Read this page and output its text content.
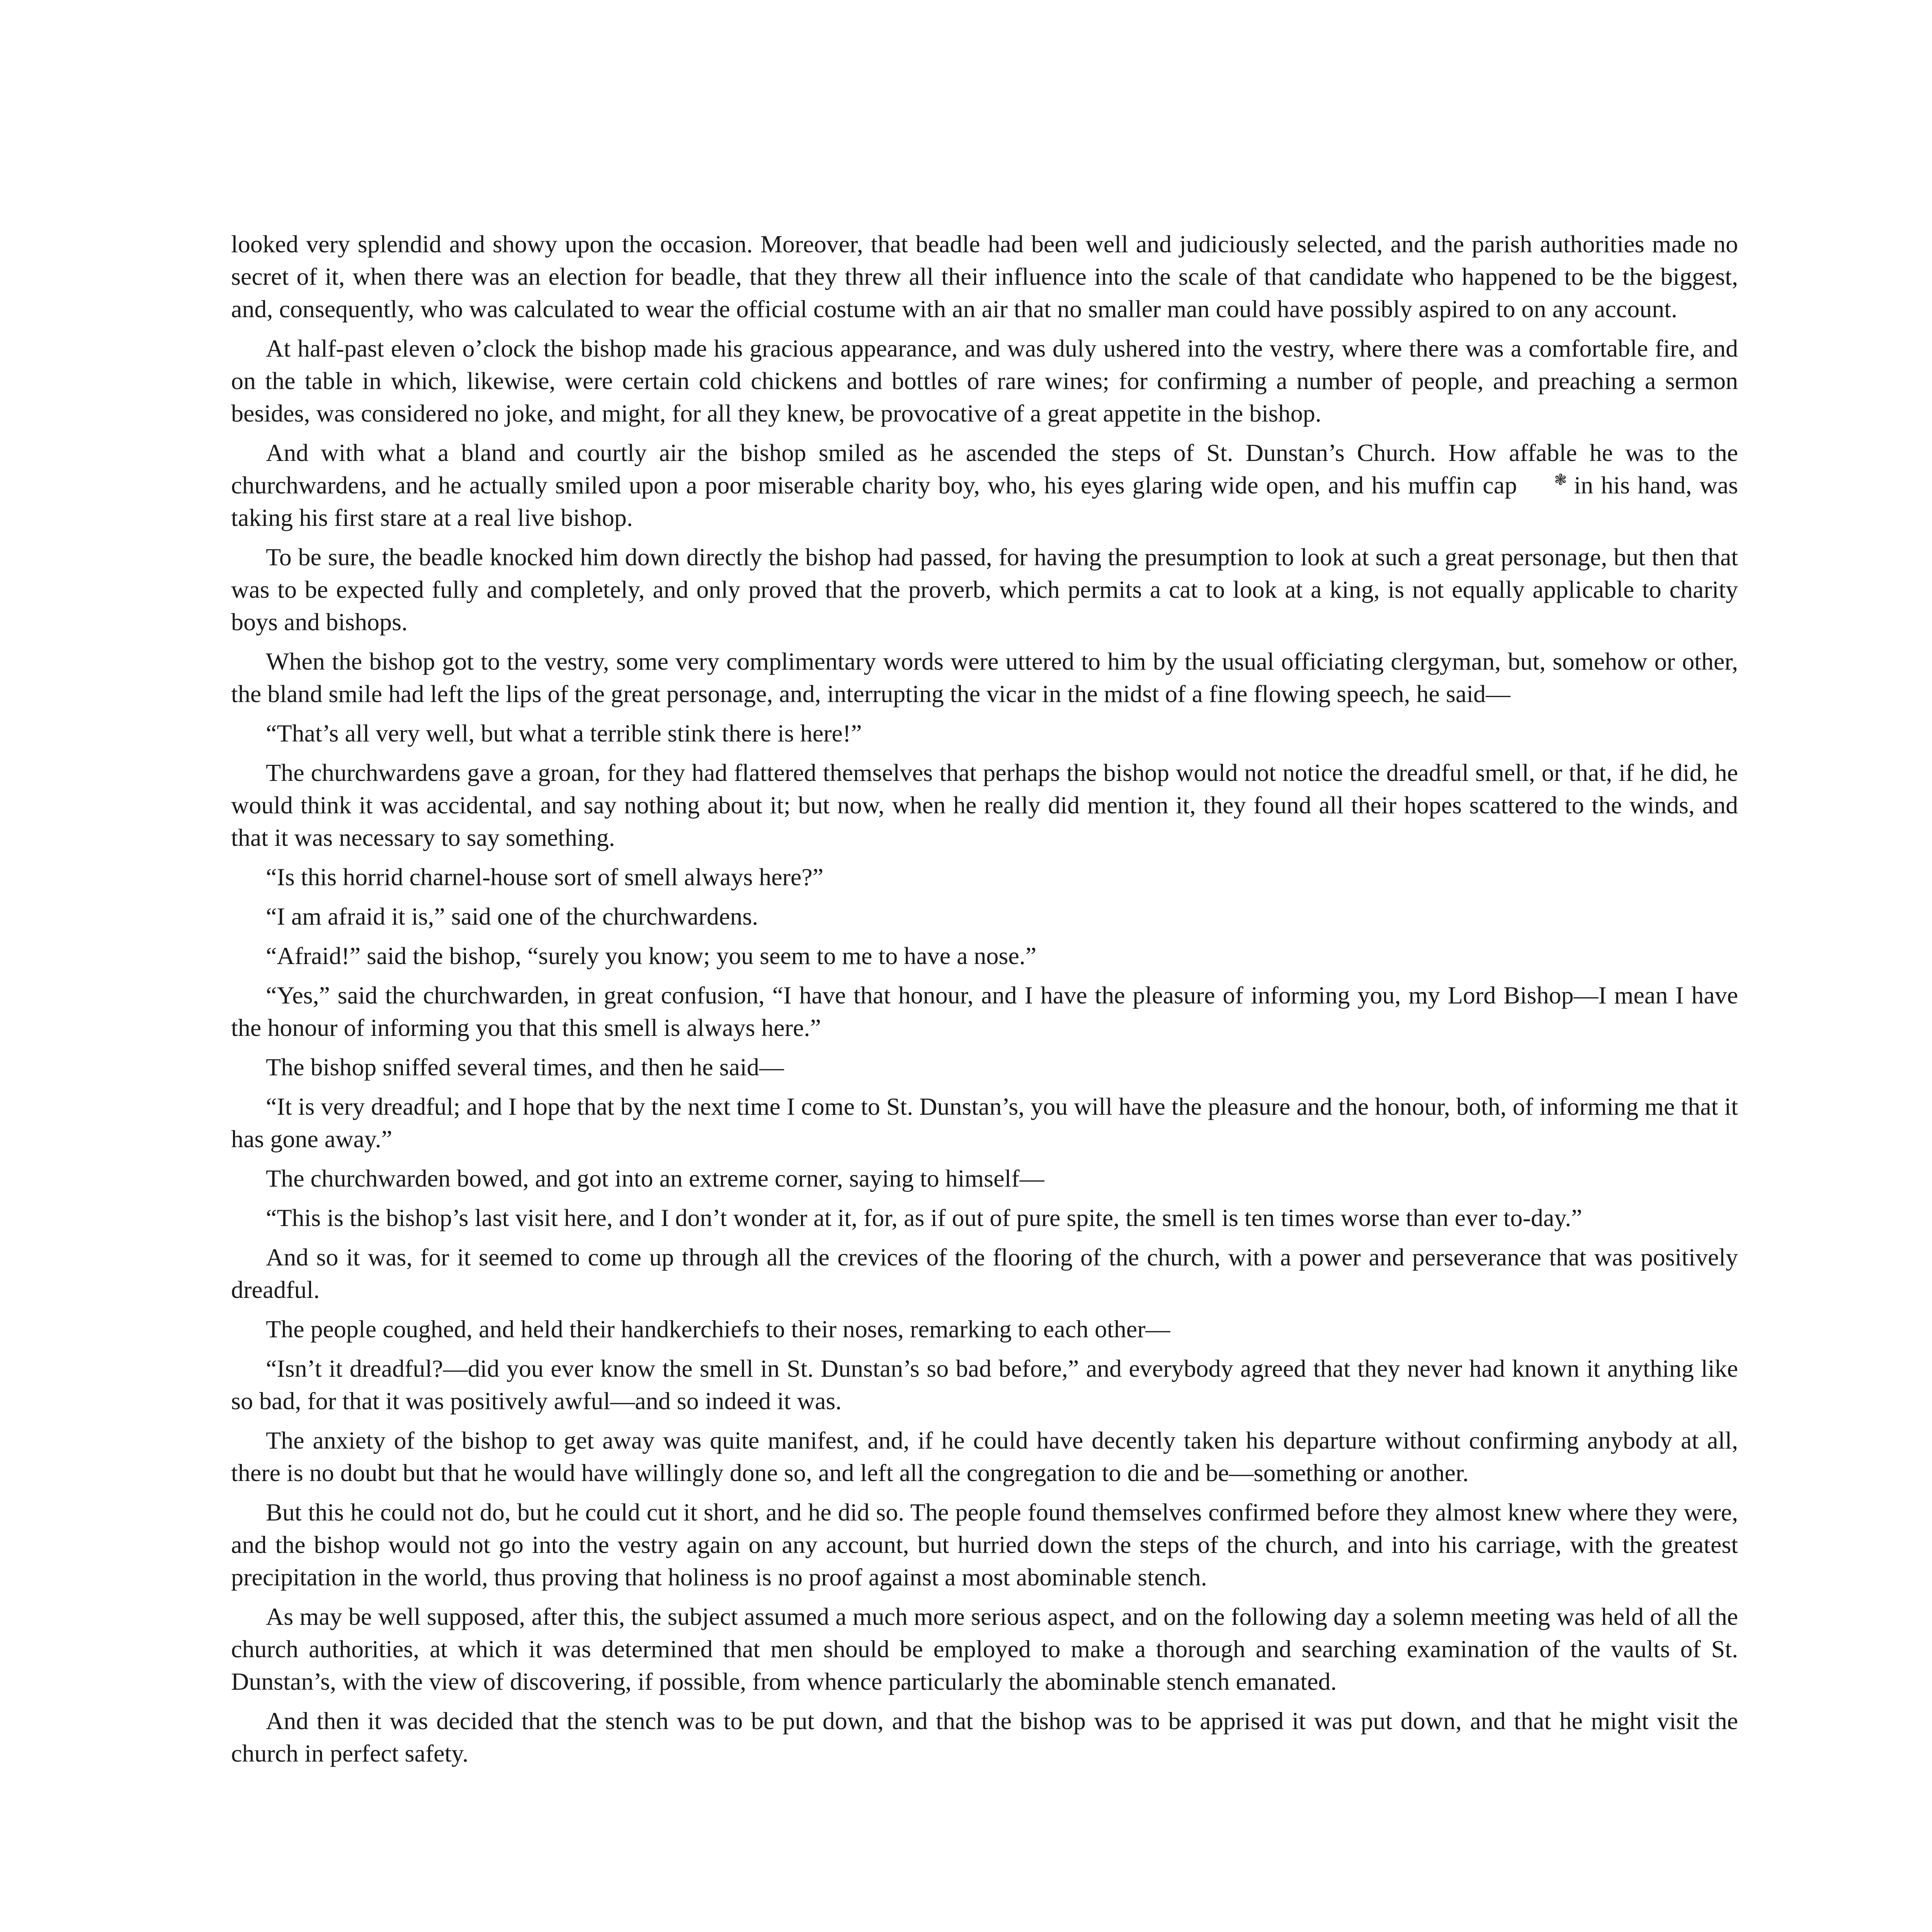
looked very splendid and showy upon the occasion. Moreover, that beadle had been well and judiciously selected, and the parish authorities made no secret of it, when there was an election for beadle, that they threw all their influence into the scale of that candidate who happened to be the biggest, and, consequently, who was calculated to wear the official costume with an air that no smaller man could have possibly aspired to on any account.

At half-past eleven o’clock the bishop made his gracious appearance, and was duly ushered into the vestry, where there was a comfortable fire, and on the table in which, likewise, were certain cold chickens and bottles of rare wines; for confirming a number of people, and preaching a sermon besides, was considered no joke, and might, for all they knew, be provocative of a great appetite in the bishop.

And with what a bland and courtly air the bishop smiled as he ascended the steps of St. Dunstan’s Church. How affable he was to the churchwardens, and he actually smiled upon a poor miserable charity boy, who, his eyes glaring wide open, and his muffin cap ❃ in his hand, was taking his first stare at a real live bishop.

To be sure, the beadle knocked him down directly the bishop had passed, for having the presumption to look at such a great personage, but then that was to be expected fully and completely, and only proved that the proverb, which permits a cat to look at a king, is not equally applicable to charity boys and bishops.

When the bishop got to the vestry, some very complimentary words were uttered to him by the usual officiating clergyman, but, somehow or other, the bland smile had left the lips of the great personage, and, interrupting the vicar in the midst of a fine flowing speech, he said—

“That’s all very well, but what a terrible stink there is here!”

The churchwardens gave a groan, for they had flattered themselves that perhaps the bishop would not notice the dreadful smell, or that, if he did, he would think it was accidental, and say nothing about it; but now, when he really did mention it, they found all their hopes scattered to the winds, and that it was necessary to say something.

“Is this horrid charnel-house sort of smell always here?”

“I am afraid it is,” said one of the churchwardens.

“Afraid!” said the bishop, “surely you know; you seem to me to have a nose.”

“Yes,” said the churchwarden, in great confusion, “I have that honour, and I have the pleasure of informing you, my Lord Bishop—I mean I have the honour of informing you that this smell is always here.”

The bishop sniffed several times, and then he said—

“It is very dreadful; and I hope that by the next time I come to St. Dunstan’s, you will have the pleasure and the honour, both, of informing me that it has gone away.”

The churchwarden bowed, and got into an extreme corner, saying to himself—

“This is the bishop’s last visit here, and I don’t wonder at it, for, as if out of pure spite, the smell is ten times worse than ever to-day.”

And so it was, for it seemed to come up through all the crevices of the flooring of the church, with a power and perseverance that was positively dreadful.

The people coughed, and held their handkerchiefs to their noses, remarking to each other—

“Isn’t it dreadful?—did you ever know the smell in St. Dunstan’s so bad before,” and everybody agreed that they never had known it anything like so bad, for that it was positively awful—and so indeed it was.

The anxiety of the bishop to get away was quite manifest, and, if he could have decently taken his departure without confirming anybody at all, there is no doubt but that he would have willingly done so, and left all the congregation to die and be—something or another.

But this he could not do, but he could cut it short, and he did so. The people found themselves confirmed before they almost knew where they were, and the bishop would not go into the vestry again on any account, but hurried down the steps of the church, and into his carriage, with the greatest precipitation in the world, thus proving that holiness is no proof against a most abominable stench.

As may be well supposed, after this, the subject assumed a much more serious aspect, and on the following day a solemn meeting was held of all the church authorities, at which it was determined that men should be employed to make a thorough and searching examination of the vaults of St. Dunstan’s, with the view of discovering, if possible, from whence particularly the abominable stench emanated.

And then it was decided that the stench was to be put down, and that the bishop was to be apprised it was put down, and that he might visit the church in perfect safety.
